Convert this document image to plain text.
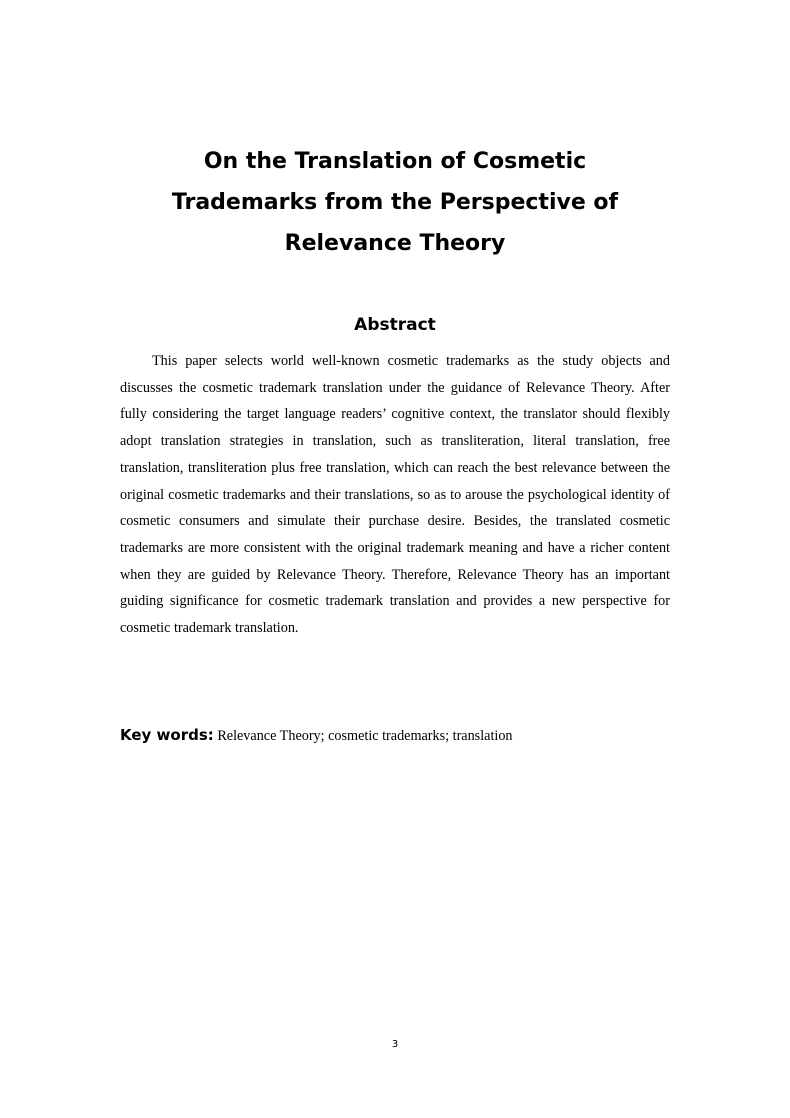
On the Translation of Cosmetic
Trademarks from the Perspective of
Relevance Theory
Abstract

This paper selects world well-known cosmetic trademarks as the study objects and discusses the cosmetic trademark translation under the guidance of Relevance Theory. After fully considering the target language readers’ cognitive context, the translator should flexibly adopt translation strategies in translation, such as transliteration, literal translation, free translation, transliteration plus free translation, which can reach the best relevance between the original cosmetic trademarks and their translations, so as to arouse the psychological identity of cosmetic consumers and simulate their purchase desire. Besides, the translated cosmetic trademarks are more consistent with the original trademark meaning and have a richer content when they are guided by Relevance Theory. Therefore, Relevance Theory has an important guiding significance for cosmetic trademark translation and provides a new perspective for cosmetic trademark translation.

Key words: Relevance Theory; cosmetic trademarks; translation

3
